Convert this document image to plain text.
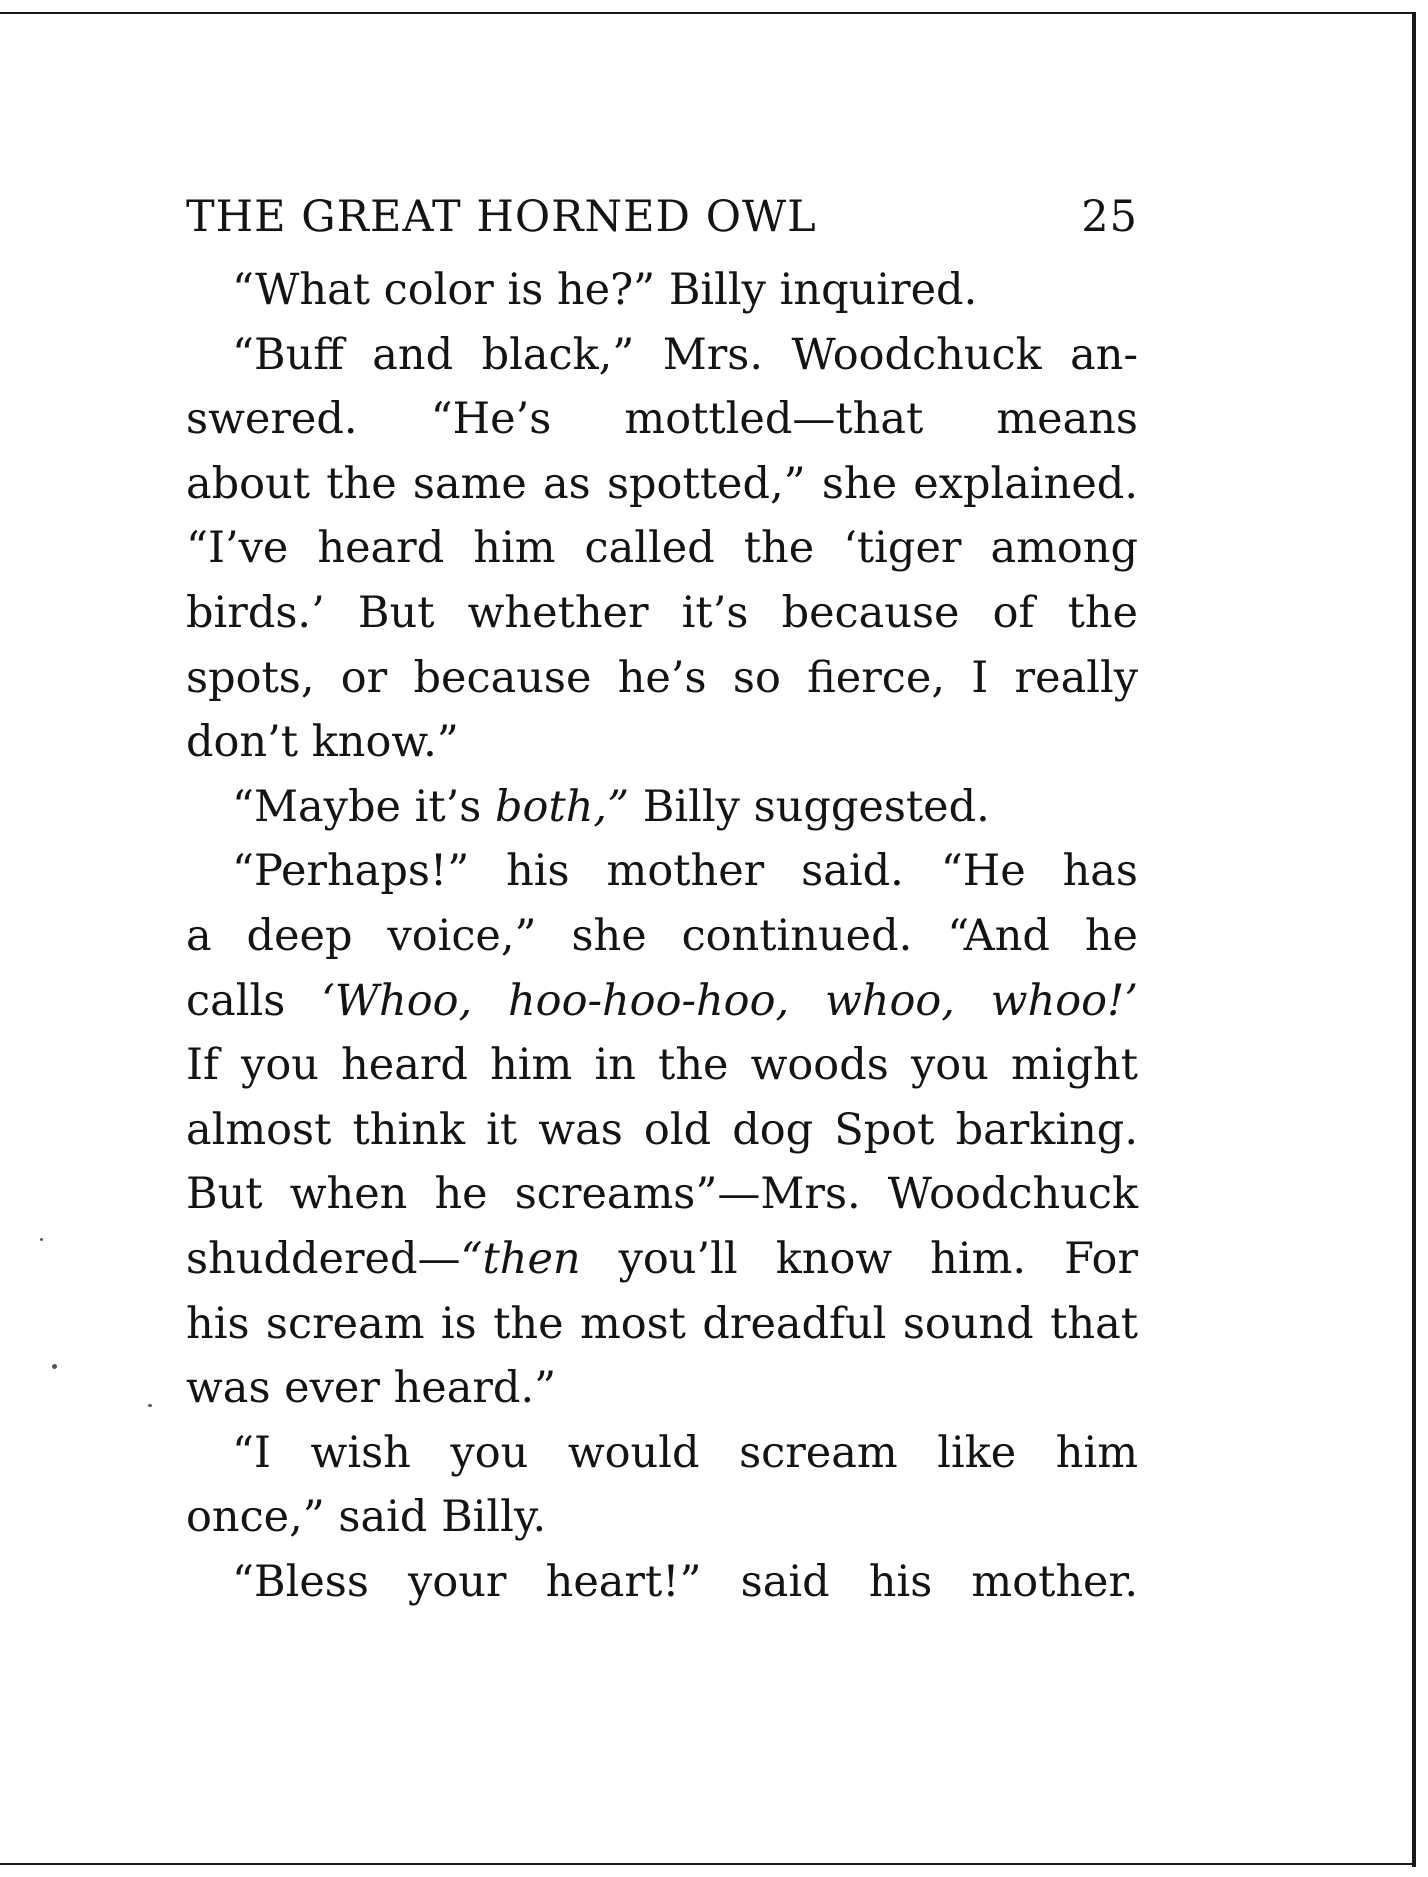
THE GREAT HORNED OWL	25
“What color is he?” Billy inquired.
“Buff and black,” Mrs. Woodchuck an-
swered. “He’s mottled—that means
about the same as spotted,” she explained.
“I’ve heard him called the ‘tiger among
birds.’ But whether it’s because of the
spots, or because he’s so fierce, I really
don’t know.”
“Maybe it’s both,” Billy suggested.
“Perhaps!” his mother said. “He has
a deep voice,” she continued. “And he
calls ‘Whoo, hoo-hoo-hoo, whoo, whoo!’
If you heard him in the woods you might
almost think it was old dog Spot barking.
But when he screams”—Mrs. Woodchuck
shuddered—“then you’ll know him. For
his scream is the most dreadful sound that
was ever heard.”
“I wish you would scream like him
once,” said Billy.
“Bless your heart!” said his mother.
